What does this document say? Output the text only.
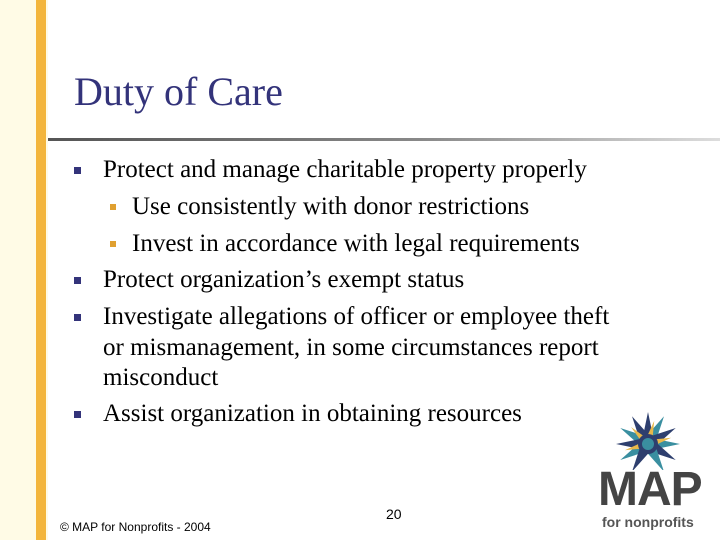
Duty of Care
Protect and manage charitable property properly
Use consistently with donor restrictions
Invest in accordance with legal requirements
Protect organization’s exempt status
Investigate allegations of officer or employee theft
or mismanagement, in some circumstances report
misconduct
Assist organization in obtaining resources
20
© MAP for Nonprofits - 2004
MAP
for nonprofits
